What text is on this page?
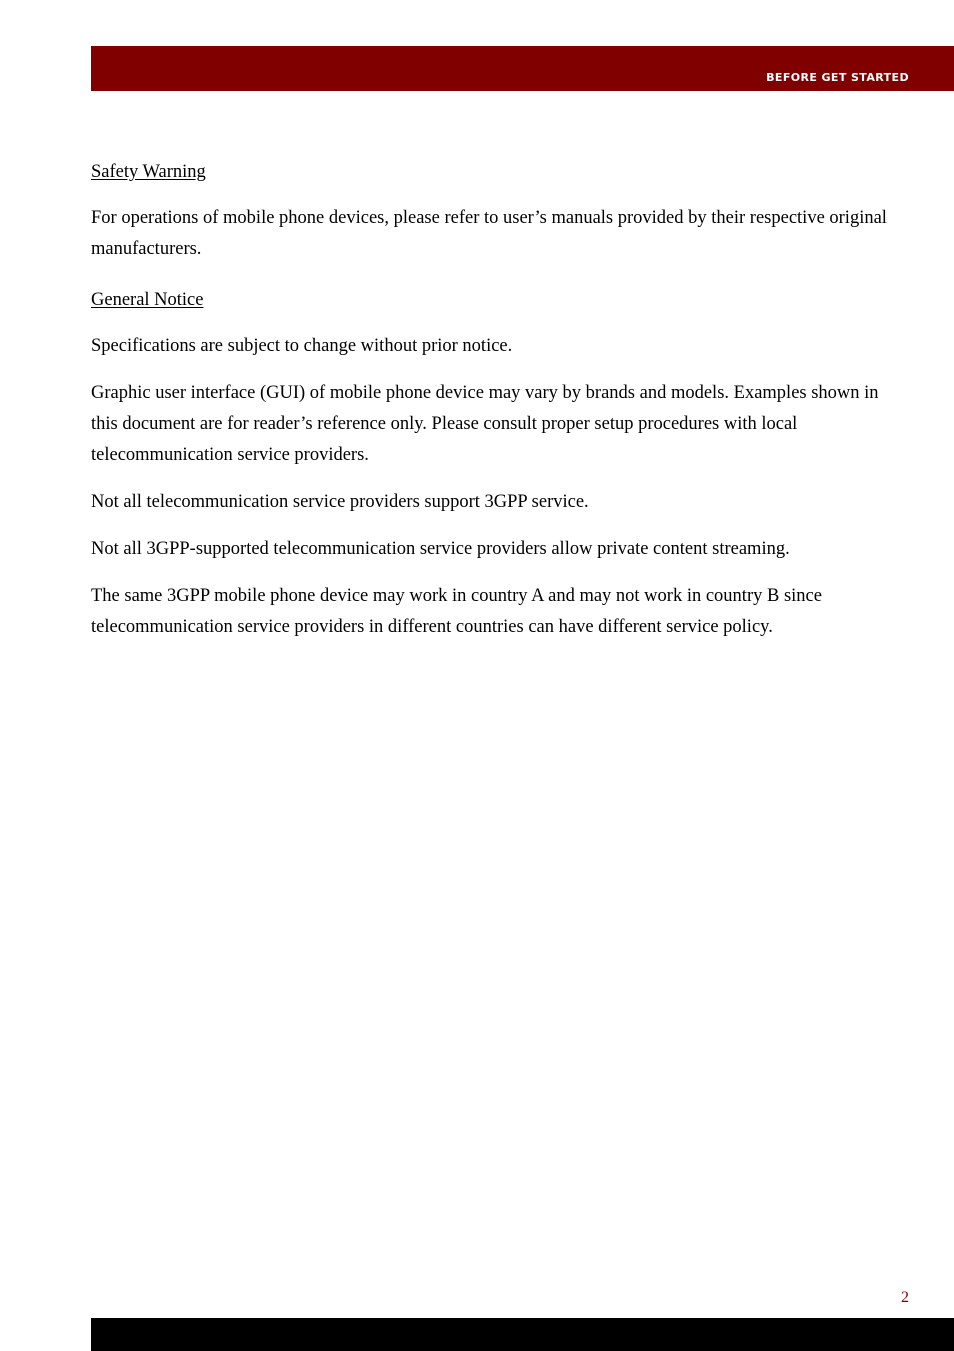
BEFORE GET STARTED
Safety Warning

For operations of mobile phone devices, please refer to user’s manuals provided by their respective original manufacturers.

General Notice

Specifications are subject to change without prior notice.

Graphic user interface (GUI) of mobile phone device may vary by brands and models. Examples shown in this document are for reader’s reference only. Please consult proper setup procedures with local telecommunication service providers.

Not all telecommunication service providers support 3GPP service.

Not all 3GPP-supported telecommunication service providers allow private content streaming.

The same 3GPP mobile phone device may work in country A and may not work in country B since telecommunication service providers in different countries can have different service policy.

2
